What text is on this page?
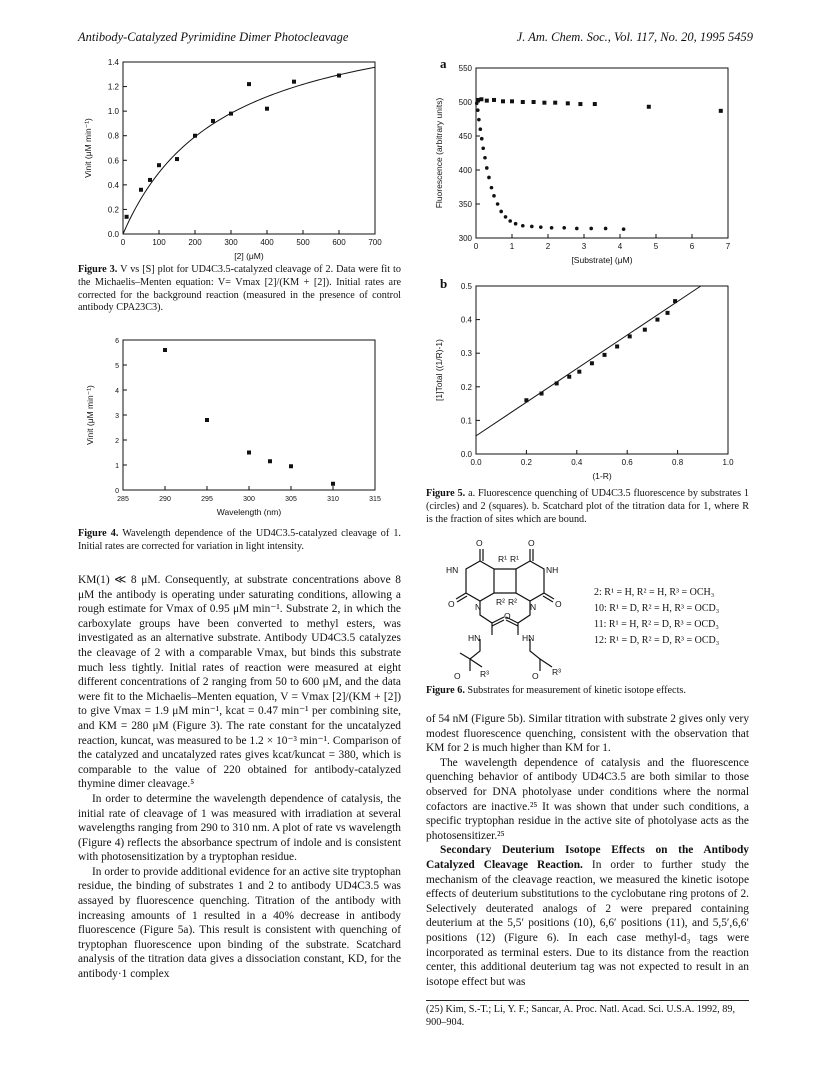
Antibody-Catalyzed Pyrimidine Dimer Photocleavage	J. Am. Chem. Soc., Vol. 117, No. 20, 1995 5459
0	100	200	300	400	500	600	700
0.0
0.2
0.4
0.6
0.8
1.0
1.2
1.4
[2] (μM)
Vinit (μM min⁻¹)
Figure 3. V vs [S] plot for UD4C3.5-catalyzed cleavage of 2. Data were fit to the Michaelis–Menten equation: V= Vmax [2]/(KM + [2]). Initial rates are corrected for the background reaction (measured in the presence of control antibody CPA23C3).
285	290	295	300	305	310	315
0
1
2
3
4
5
6
Wavelength (nm)
Vinit (μM min⁻¹)
Figure 4. Wavelength dependence of the UD4C3.5-catalyzed cleavage of 1. Initial rates are corrected for variation in light intensity.

KM(1) ≪ 8 μM. Consequently, at substrate concentrations above 8 μM the antibody is operating under saturating conditions, allowing a rough estimate for Vmax of 0.95 μM min⁻¹. Substrate 2, in which the carboxylate groups have been converted to methyl esters, was investigated as an alternative substrate. Antibody UD4C3.5 catalyzes the cleavage of 2 with a comparable Vmax, but binds this substrate much less tightly. Initial rates of reaction were measured at eight different concentrations of 2 ranging from 50 to 600 μM, and the data were fit to the Michaelis–Menten equation, V = Vmax [2]/(KM + [2]) to give Vmax = 1.9 μM min⁻¹, kcat = 0.47 min⁻¹ per combining site, and KM = 280 μM (Figure 3). The rate constant for the uncatalyzed reaction, kuncat, was measured to be 1.2 × 10⁻³ min⁻¹. Comparison of the catalyzed and uncatalyzed rates gives kcat/kuncat = 380, which is comparable to the value of 220 obtained for antibody-catalyzed thymine dimer cleavage.⁵

In order to determine the wavelength dependence of catalysis, the initial rate of cleavage of 1 was measured with irradiation at several wavelengths ranging from 290 to 310 nm. A plot of rate vs wavelength (Figure 4) reflects the absorbance spectrum of indole and is consistent with photosensitization by a tryptophan residue.

In order to provide additional evidence for an active site tryptophan residue, the binding of substrates 1 and 2 to antibody UD4C3.5 was assayed by fluorescence quenching. Titration of the antibody with increasing amounts of 1 resulted in a 40% decrease in antibody fluorescence (Figure 5a). This result is consistent with quenching of tryptophan fluorescence upon binding of the substrate. Scatchard analysis of the titration data gives a dissociation constant, KD, for the antibody·1 complex

a
0	1	2	3	4	5	6	7
300
350
400
450
500
550
[Substrate] (μM)
Fluorescence (arbitrary units)
b
0.0	0.2	0.4	0.6	0.8	1.0
0.0
0.1
0.2
0.3
0.4
0.5
(1-R)
[1]Total ((1/R)-1)
Figure 5. a. Fluorescence quenching of UD4C3.5 fluorescence by substrates 1 (circles) and 2 (squares). b. Scatchard plot of the titration data for 1, where R is the fraction of sites which are bound.
O	O
R¹ R¹
HN	NH
R² R²
N	N
O	O
O
HN	HN
O R³	O R³
2: R¹ = H, R² = H, R³ = OCH₃
10: R¹ = D, R² = H, R³ = OCD₃
11: R¹ = H, R² = D, R³ = OCD₃
12: R¹ = D, R² = D, R³ = OCD₃
Figure 6. Substrates for measurement of kinetic isotope effects.

of 54 nM (Figure 5b). Similar titration with substrate 2 gives only very modest fluorescence quenching, consistent with the observation that KM for 2 is much higher than KM for 1.

The wavelength dependence of catalysis and the fluorescence quenching behavior of antibody UD4C3.5 are both similar to those observed for DNA photolyase under conditions where the normal cofactors are inactive.²⁵ It was shown that under such conditions, a specific tryptophan residue in the active site of photolyase acts as the photosensitizer.²⁵

Secondary Deuterium Isotope Effects on the Antibody Catalyzed Cleavage Reaction. In order to further study the mechanism of the cleavage reaction, we measured the kinetic isotope effects of deuterium substitutions to the cyclobutane ring protons of 2. Selectively deuterated analogs of 2 were prepared containing deuterium at the 5,5′ positions (10), 6,6′ positions (11), and 5,5′,6,6′ positions (12) (Figure 6). In each case methyl-d₃ tags were incorporated as terminal esters. Due to its distance from the reaction center, this additional deuterium tag was not expected to result in an isotope effect but was

(25) Kim, S.-T.; Li, Y. F.; Sancar, A. Proc. Natl. Acad. Sci. U.S.A. 1992, 89, 900–904.
